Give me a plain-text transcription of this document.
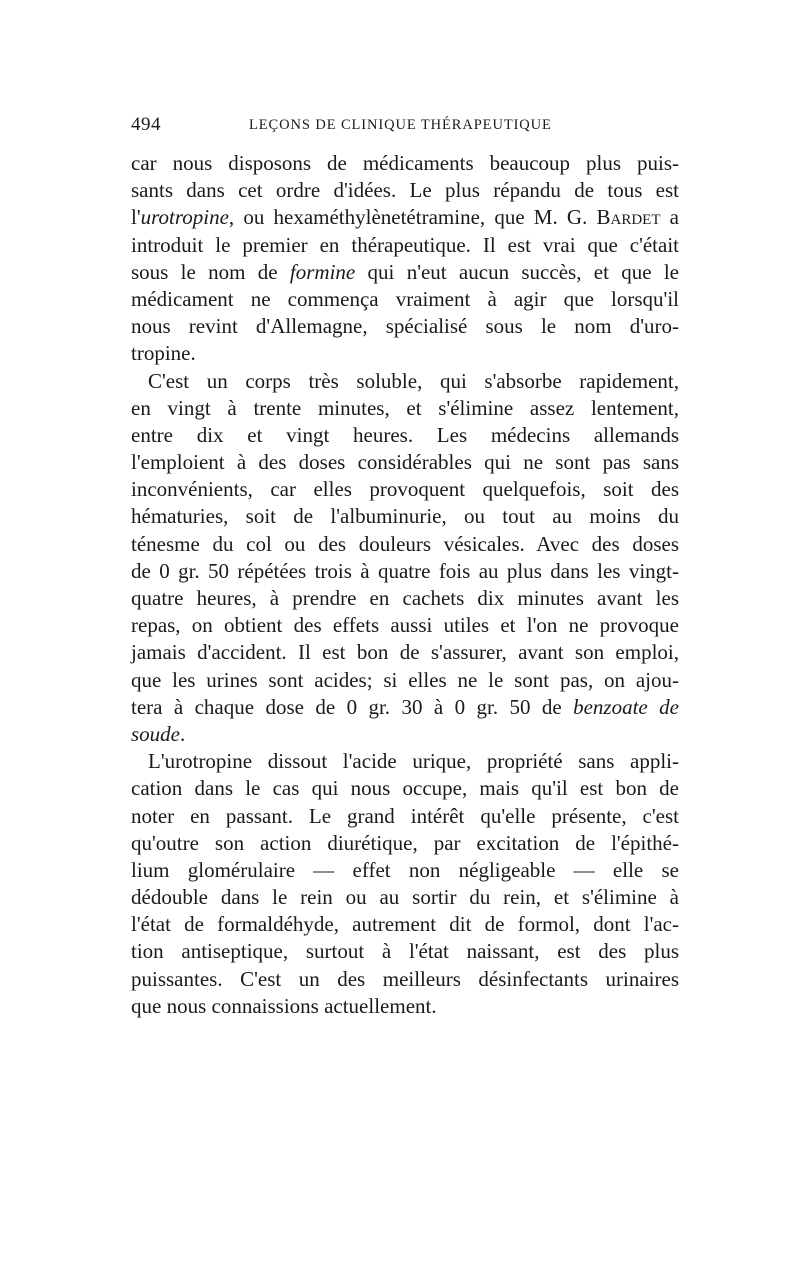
494	LEÇONS DE CLINIQUE THÉRAPEUTIQUE
car nous disposons de médicaments beaucoup plus puis-
sants dans cet ordre d'idées. Le plus répandu de tous est
l'urotropine, ou hexaméthylènetétramine, que M. G. Bardet a
introduit le premier en thérapeutique. Il est vrai que c'était
sous le nom de formine qui n'eut aucun succès, et que le
médicament ne commença vraiment à agir que lorsqu'il
nous revint d'Allemagne, spécialisé sous le nom d'uro-
tropine.
C'est un corps très soluble, qui s'absorbe rapidement,
en vingt à trente minutes, et s'élimine assez lentement,
entre dix et vingt heures. Les médecins allemands
l'emploient à des doses considérables qui ne sont pas sans
inconvénients, car elles provoquent quelquefois, soit des
hématuries, soit de l'albuminurie, ou tout au moins du
ténesme du col ou des douleurs vésicales. Avec des doses
de 0 gr. 50 répétées trois à quatre fois au plus dans les vingt-
quatre heures, à prendre en cachets dix minutes avant les
repas, on obtient des effets aussi utiles et l'on ne provoque
jamais d'accident. Il est bon de s'assurer, avant son emploi,
que les urines sont acides; si elles ne le sont pas, on ajou-
tera à chaque dose de 0 gr. 30 à 0 gr. 50 de benzoate de
soude.
L'urotropine dissout l'acide urique, propriété sans appli-
cation dans le cas qui nous occupe, mais qu'il est bon de
noter en passant. Le grand intérêt qu'elle présente, c'est
qu'outre son action diurétique, par excitation de l'épithé-
lium glomérulaire — effet non négligeable — elle se
dédouble dans le rein ou au sortir du rein, et s'élimine à
l'état de formaldéhyde, autrement dit de formol, dont l'ac-
tion antiseptique, surtout à l'état naissant, est des plus
puissantes. C'est un des meilleurs désinfectants urinaires
que nous connaissions actuellement.
